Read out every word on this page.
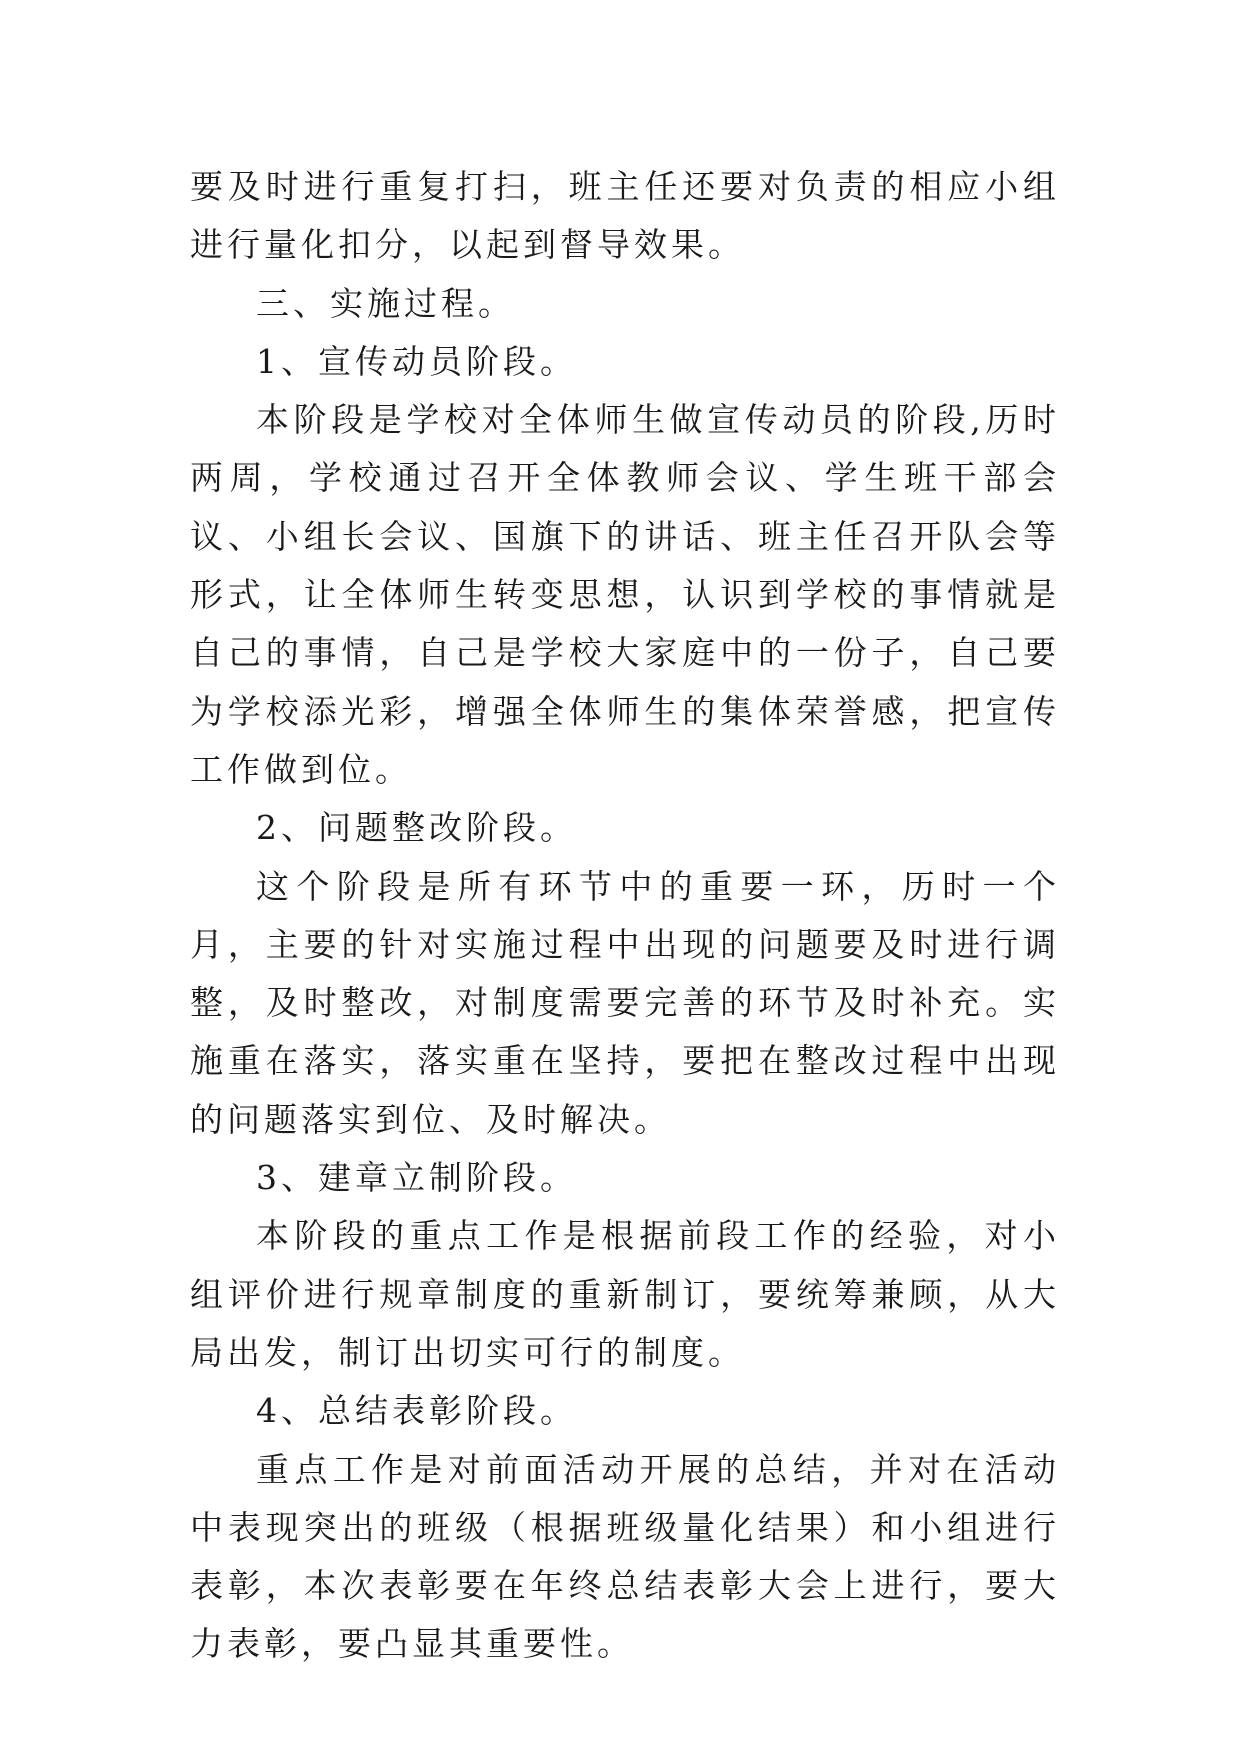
要及时进行重复打扫，班主任还要对负责的相应小组进行量化扣分，以起到督导效果。

三、实施过程。

1、宣传动员阶段。

本阶段是学校对全体师生做宣传动员的阶段,历时两周，学校通过召开全体教师会议、学生班干部会议、小组长会议、国旗下的讲话、班主任召开队会等形式，让全体师生转变思想，认识到学校的事情就是自己的事情，自己是学校大家庭中的一份子，自己要为学校添光彩，增强全体师生的集体荣誉感，把宣传工作做到位。

2、问题整改阶段。

这个阶段是所有环节中的重要一环，历时一个月，主要的针对实施过程中出现的问题要及时进行调整，及时整改，对制度需要完善的环节及时补充。实施重在落实，落实重在坚持，要把在整改过程中出现的问题落实到位、及时解决。

3、建章立制阶段。

本阶段的重点工作是根据前段工作的经验，对小组评价进行规章制度的重新制订，要统筹兼顾，从大局出发，制订出切实可行的制度。

4、总结表彰阶段。

重点工作是对前面活动开展的总结，并对在活动中表现突出的班级（根据班级量化结果）和小组进行表彰，本次表彰要在年终总结表彰大会上进行，要大力表彰，要凸显其重要性。
